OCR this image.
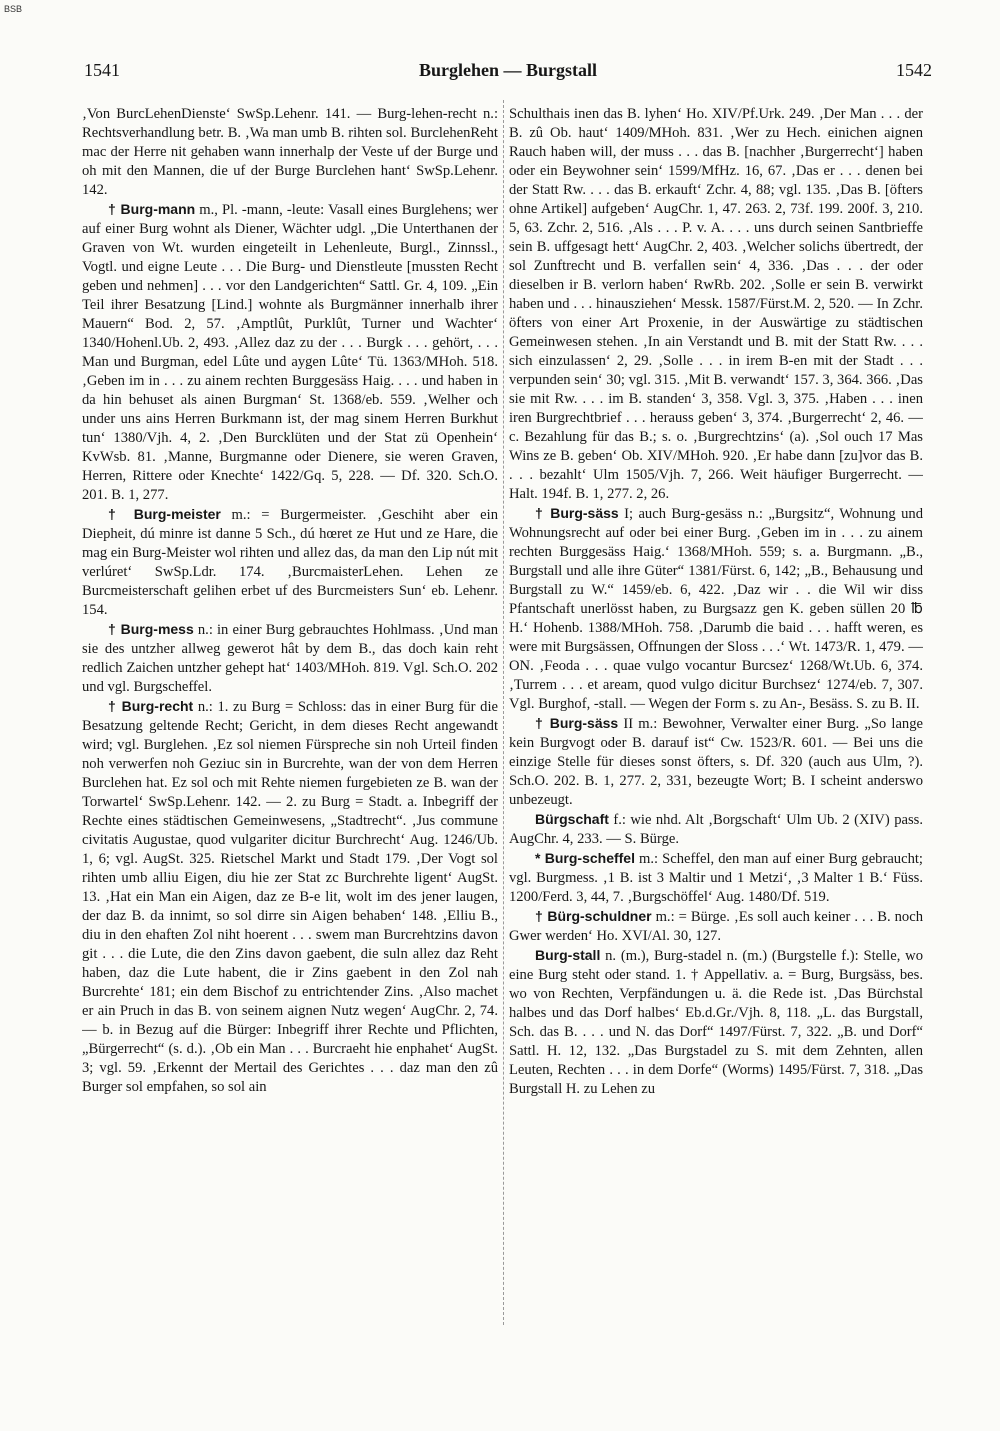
BSB
1541	Burglehen — Burgstall	1542

‚Von BurcLehenDienste‘ SwSp.Lehenr. 141. — Burg-lehen-recht n.: Rechtsverhandlung betr. B. ‚Wa man umb B. rihten sol. BurclehenReht mac der Herre nit gehaben wann innerhalp der Veste uf der Burge und oh mit den Mannen, die uf der Burge Burclehen hant‘ SwSp.Lehenr. 142.

† Burg-mann m., Pl. -mann, -leute: Vasall eines Burglehens; wer auf einer Burg wohnt als Diener, Wächter udgl. „Die Unterthanen der Graven von Wt. wurden eingeteilt in Lehenleute, Burgl., Zinnssl., Vogtl. und eigne Leute . . . Die Burg- und Dienstleute [mussten Recht geben und nehmen] . . . vor den Landgerichten“ Sattl. Gr. 4, 109. „Ein Teil ihrer Besatzung [Lind.] wohnte als Burgmänner innerhalb ihrer Mauern“ Bod. 2, 57. ‚Amptlût, Purklût, Turner und Wachter‘ 1340/Hohenl.Ub. 2, 493. ‚Allez daz zu der . . . Burgk . . . gehört, . . . Man und Burgman, edel Lûte und aygen Lûte‘ Tü. 1363/MHoh. 518. ‚Geben im in . . . zu ainem rechten Burggesäss Haig. . . . und haben in da hin behuset als ainen Burgman‘ St. 1368/eb. 559. ‚Welher och under uns ains Herren Burkmann ist, der mag sinem Herren Burkhut tun‘ 1380/Vjh. 4, 2. ‚Den Burcklüten und der Stat zü Openhein‘ KvWsb. 81. ‚Manne, Burgmanne oder Dienere, sie weren Graven, Herren, Rittere oder Knechte‘ 1422/Gq. 5, 228. — Df. 320. Sch.O. 201. B. 1, 277.

† Burg-meister m.: = Burgermeister. ‚Geschiht aber ein Diepheit, dú minre ist danne 5 Sch., dú hœret ze Hut und ze Hare, die mag ein Burg-Meister wol rihten und allez das, da man den Lip nút mit verlúret‘ SwSp.Ldr. 174. ‚BurcmaisterLehen. Lehen ze Burcmeisterschaft gelihen erbet uf des Burcmeisters Sun‘ eb. Lehenr. 154.

† Burg-mess n.: in einer Burg gebrauchtes Hohlmass. ‚Und man sie des untzher allweg gewerot hât by dem B., das doch kain reht redlich Zaichen untzher gehept hat‘ 1403/MHoh. 819. Vgl. Sch.O. 202 und vgl. Burgscheffel.

† Burg-recht n.: 1. zu Burg = Schloss: das in einer Burg für die Besatzung geltende Recht; Gericht, in dem dieses Recht angewandt wird; vgl. Burglehen. ‚Ez sol niemen Fürspreche sin noh Urteil finden noh verwerfen noh Geziuc sin in Burcrehte, wan der von dem Herren Burclehen hat. Ez sol och mit Rehte niemen furgebieten ze B. wan der Torwartel‘ SwSp.Lehenr. 142. — 2. zu Burg = Stadt. a. Inbegriff der Rechte eines städtischen Gemeinwesens, „Stadtrecht“. ‚Jus commune civitatis Augustae, quod vulgariter dicitur Burchrecht‘ Aug. 1246/Ub. 1, 6; vgl. AugSt. 325. Rietschel Markt und Stadt 179. ‚Der Vogt sol rihten umb alliu Eigen, diu hie zer Stat zc Burchrehte ligent‘ AugSt. 13. ‚Hat ein Man ein Aigen, daz ze B-e lit, wolt im des jener laugen, der daz B. da innimt, so sol dirre sin Aigen behaben‘ 148. ‚Elliu B., diu in den ehaften Zol niht hoerent . . . swem man Burcrehtzins davon git . . . die Lute, die den Zins davon gaebent, die suln allez daz Reht haben, daz die Lute habent, die ir Zins gaebent in den Zol nah Burcrehte‘ 181; ein dem Bischof zu entrichtender Zins. ‚Also machet er ain Pruch in das B. von seinem aignen Nutz wegen‘ AugChr. 2, 74. — b. in Bezug auf die Bürger: Inbegriff ihrer Rechte und Pflichten, „Bürgerrecht“ (s. d.). ‚Ob ein Man . . . Burcraeht hie enphahet‘ AugSt. 3; vgl. 59. ‚Erkennt der Mertail des Gerichtes . . . daz man den zû Burger sol empfahen, so sol ain

Schulthais inen das B. lyhen‘ Ho. XIV/Pf.Urk. 249. ‚Der Man . . . der B. zû Ob. haut‘ 1409/MHoh. 831. ‚Wer zu Hech. einichen aignen Rauch haben will, der muss . . . das B. [nachher ‚Burgerrecht‘] haben oder ein Beywohner sein‘ 1599/MfHz. 16, 67. ‚Das er . . . denen bei der Statt Rw. . . . das B. erkauft‘ Zchr. 4, 88; vgl. 135. ‚Das B. [öfters ohne Artikel] aufgeben‘ AugChr. 1, 47. 263. 2, 73f. 199. 200f. 3, 210. 5, 63. Zchr. 2, 516. ‚Als . . . P. v. A. . . . uns durch seinen Santbrieffe sein B. uffgesagt hett‘ AugChr. 2, 403. ‚Welcher solichs übertredt, der sol Zunftrecht und B. verfallen sein‘ 4, 336. ‚Das . . . der oder dieselben ir B. verlorn haben‘ RwRb. 202. ‚Solle er sein B. verwirkt haben und . . . hinausziehen‘ Messk. 1587/Fürst.M. 2, 520. — In Zchr. öfters von einer Art Proxenie, in der Auswärtige zu städtischen Gemeinwesen stehen. ‚In ain Verstandt und B. mit der Statt Rw. . . . sich einzulassen‘ 2, 29. ‚Solle . . . in irem B-en mit der Stadt . . . verpunden sein‘ 30; vgl. 315. ‚Mit B. verwandt‘ 157. 3, 364. 366. ‚Das sie mit Rw. . . . im B. standen‘ 3, 358. Vgl. 3, 375. ‚Haben . . . inen iren Burgrechtbrief . . . herauss geben‘ 3, 374. ‚Burgerrecht‘ 2, 46. — c. Bezahlung für das B.; s. o. ‚Burgrechtzins‘ (a). ‚Sol ouch 17 Mas Wins ze B. geben‘ Ob. XIV/MHoh. 920. ‚Er habe dann [zu]vor das B. . . . bezahlt‘ Ulm 1505/Vjh. 7, 266. Weit häufiger Burgerrecht. — Halt. 194f. B. 1, 277. 2, 26.

† Burg-säss I; auch Burg-gesäss n.: „Burgsitz“, Wohnung und Wohnungsrecht auf oder bei einer Burg. ‚Geben im in . . . zu ainem rechten Burggesäss Haig.‘ 1368/MHoh. 559; s. a. Burgmann. „B., Burgstall und alle ihre Güter“ 1381/Fürst. 6, 142; „B., Behausung und Burgstall zu W.“ 1459/eb. 6, 422. ‚Daz wir . . die Wil wir diss Pfantschaft unerlösst haben, zu Burgsazz gen K. geben süllen 20 ℔ H.‘ Hohenb. 1388/MHoh. 758. ‚Darumb die baid . . . hafft weren, es were mit Burgsässen, Offnungen der Sloss . . .‘ Wt. 1473/R. 1, 479. — ON. ‚Feoda . . . quae vulgo vocantur Burcsez‘ 1268/Wt.Ub. 6, 374. ‚Turrem . . . et aream, quod vulgo dicitur Burchsez‘ 1274/eb. 7, 307. Vgl. Burghof, -stall. — Wegen der Form s. zu An-, Besäss. S. zu B. II.

† Burg-säss II m.: Bewohner, Verwalter einer Burg. „So lange kein Burgvogt oder B. darauf ist“ Cw. 1523/R. 601. — Bei uns die einzige Stelle für dieses sonst öfters, s. Df. 320 (auch aus Ulm, ?). Sch.O. 202. B. 1, 277. 2, 331, bezeugte Wort; B. I scheint anderswo unbezeugt.

Bürgschaft f.: wie nhd. Alt ‚Borgschaft‘ Ulm Ub. 2 (XIV) pass. AugChr. 4, 233. — S. Bürge.

* Burg-scheffel m.: Scheffel, den man auf einer Burg gebraucht; vgl. Burgmess. ‚1 B. ist 3 Maltir und 1 Metzi‘, ‚3 Malter 1 B.‘ Füss. 1200/Ferd. 3, 44, 7. ‚Burgschöffel‘ Aug. 1480/Df. 519.

† Bürg-schuldner m.: = Bürge. ‚Es soll auch keiner . . . B. noch Gwer werden‘ Ho. XVI/Al. 30, 127.

Burg-stall n. (m.), Burg-stadel n. (m.) (Burgstelle f.): Stelle, wo eine Burg steht oder stand. 1. † Appellativ. a. = Burg, Burgsäss, bes. wo von Rechten, Verpfändungen u. ä. die Rede ist. ‚Das Bürchstal halbes und das Dorf halbes‘ Eb.d.Gr./Vjh. 8, 118. „L. das Burgstall, Sch. das B. . . . und N. das Dorf“ 1497/Fürst. 7, 322. „B. und Dorf“ Sattl. H. 12, 132. „Das Burgstadel zu S. mit dem Zehnten, allen Leuten, Rechten . . . in dem Dorfe“ (Worms) 1495/Fürst. 7, 318. „Das Burgstall H. zu Lehen zu
